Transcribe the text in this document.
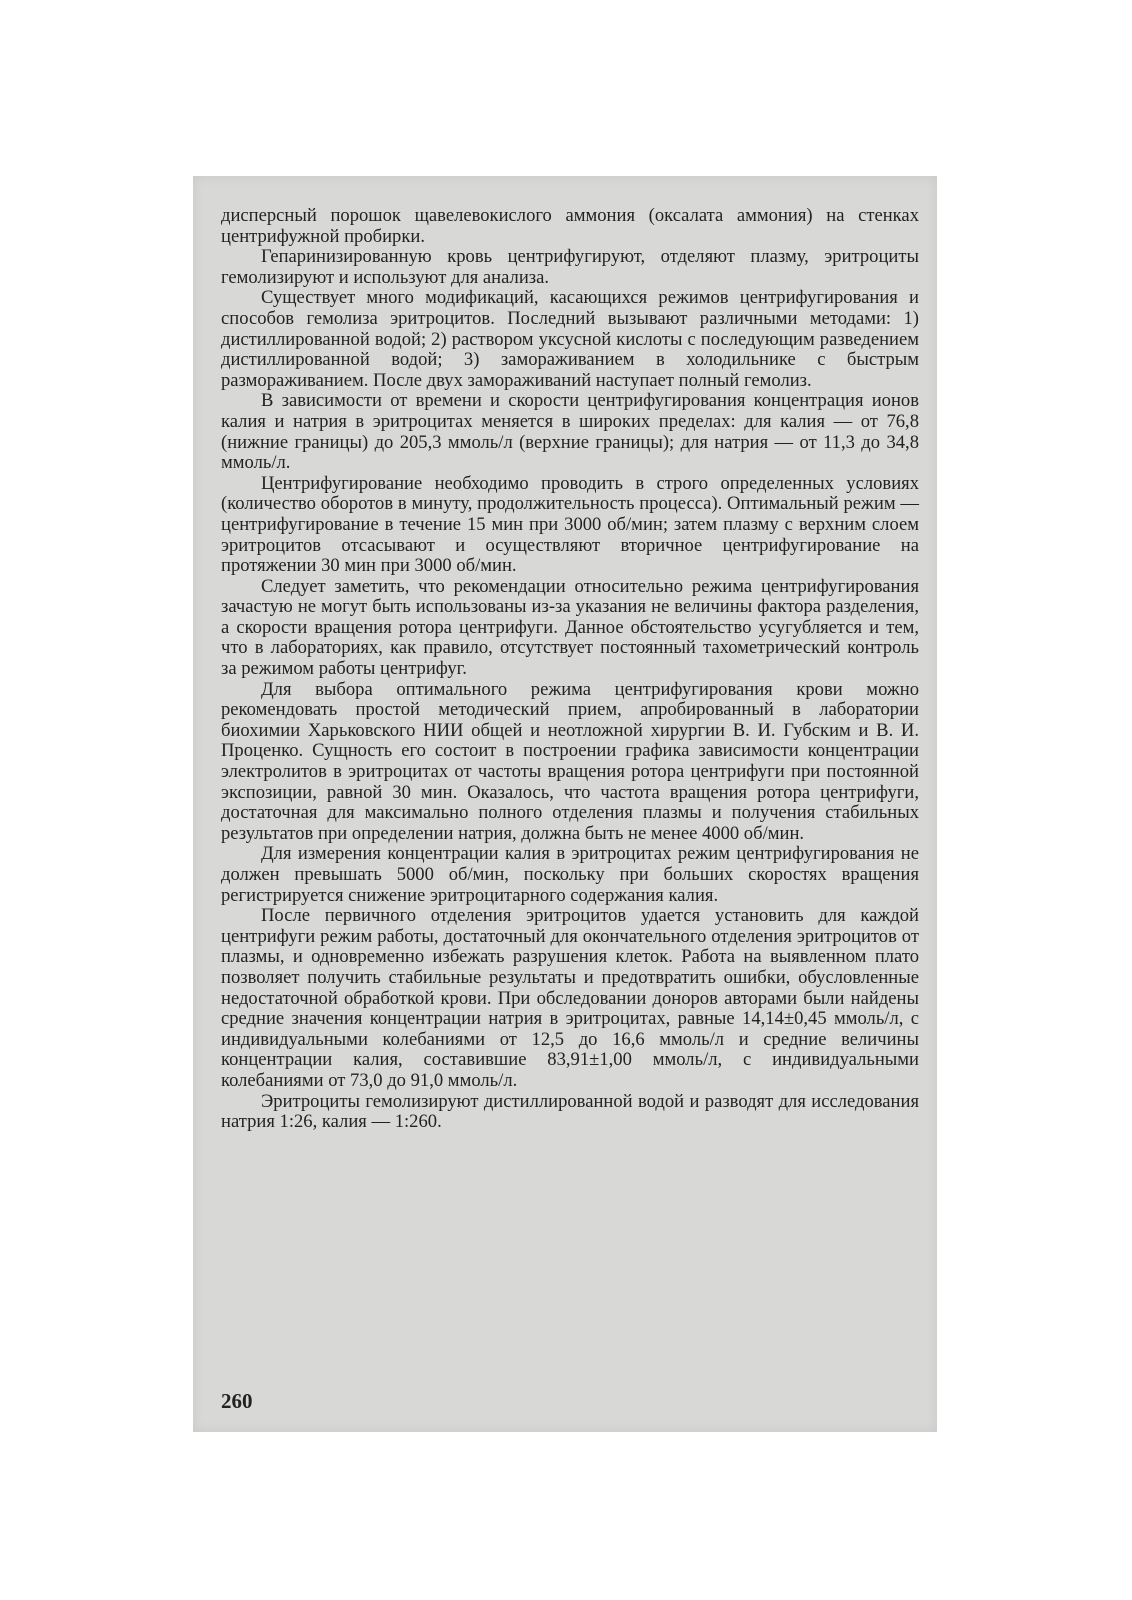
дисперсный порошок щавелевокислого аммония (оксалата аммония) на стенках центрифужной пробирки.

Гепаринизированную кровь центрифугируют, отделяют плазму, эритроциты гемолизируют и используют для анализа.

Существует много модификаций, касающихся режимов центрифугирования и способов гемолиза эритроцитов. Последний вызывают различными методами: 1) дистиллированной водой; 2) раствором уксусной кислоты с последующим разведением дистиллированной водой; 3) замораживанием в холодильнике с быстрым размораживанием. После двух замораживаний наступает полный гемолиз.

В зависимости от времени и скорости центрифугирования концентрация ионов калия и натрия в эритроцитах меняется в широких пределах: для калия — от 76,8 (нижние границы) до 205,3 ммоль/л (верхние границы); для натрия — от 11,3 до 34,8 ммоль/л.

Центрифугирование необходимо проводить в строго определенных условиях (количество оборотов в минуту, продолжительность процесса). Оптимальный режим — центрифугирование в течение 15 мин при 3000 об/мин; затем плазму с верхним слоем эритроцитов отсасывают и осуществляют вторичное центрифугирование на протяжении 30 мин при 3000 об/мин.

Следует заметить, что рекомендации относительно режима центрифугирования зачастую не могут быть использованы из-за указания не величины фактора разделения, а скорости вращения ротора центрифуги. Данное обстоятельство усугубляется и тем, что в лабораториях, как правило, отсутствует постоянный тахометрический контроль за режимом работы центрифуг.

Для выбора оптимального режима центрифугирования крови можно рекомендовать простой методический прием, апробированный в лаборатории биохимии Харьковского НИИ общей и неотложной хирургии В. И. Губским и В. И. Проценко. Сущность его состоит в построении графика зависимости концентрации электролитов в эритроцитах от частоты вращения ротора центрифуги при постоянной экспозиции, равной 30 мин. Оказалось, что частота вращения ротора центрифуги, достаточная для максимально полного отделения плазмы и получения стабильных результатов при определении натрия, должна быть не менее 4000 об/мин.

Для измерения концентрации калия в эритроцитах режим центрифугирования не должен превышать 5000 об/мин, поскольку при больших скоростях вращения регистрируется снижение эритроцитарного содержания калия.

После первичного отделения эритроцитов удается установить для каждой центрифуги режим работы, достаточный для окончательного отделения эритроцитов от плазмы, и одновременно избежать разрушения клеток. Работа на выявленном плато позволяет получить стабильные результаты и предотвратить ошибки, обусловленные недостаточной обработкой крови. При обследовании доноров авторами были найдены средние значения концентрации натрия в эритроцитах, равные 14,14±0,45 ммоль/л, с индивидуальными колебаниями от 12,5 до 16,6 ммоль/л и средние величины концентрации калия, составившие 83,91±1,00 ммоль/л, с индивидуальными колебаниями от 73,0 до 91,0 ммоль/л.

Эритроциты гемолизируют дистиллированной водой и разводят для исследования натрия 1:26, калия — 1:260.

260
